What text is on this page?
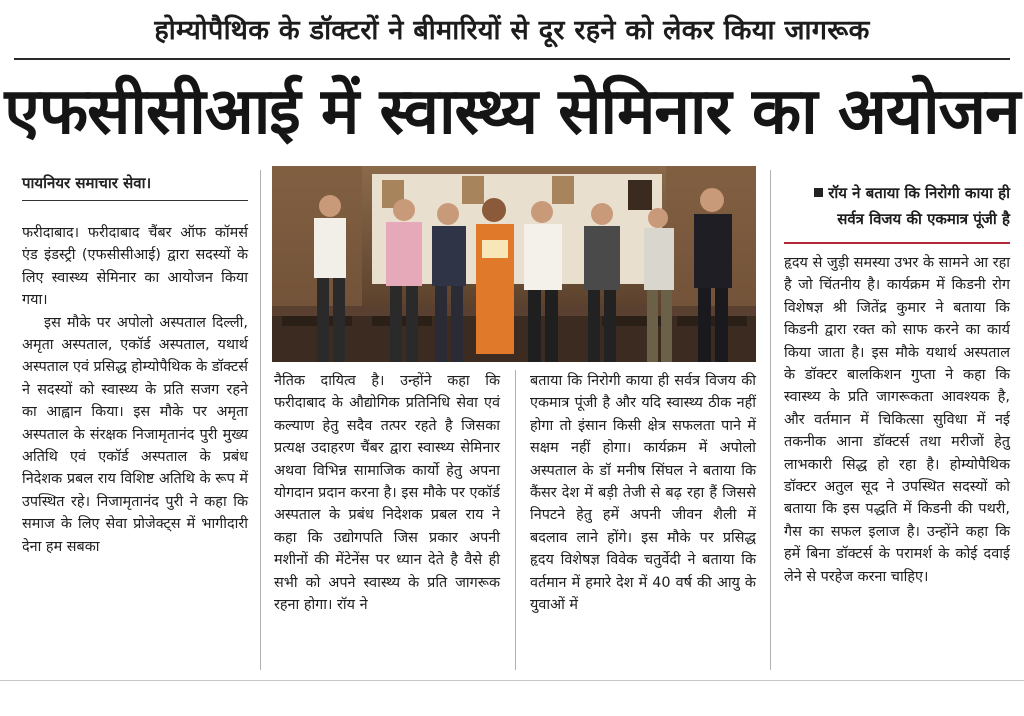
होम्योपैथिक के डॉक्टरों ने बीमारियों से दूर रहने को लेकर किया जागरूक
एफसीसीआई में स्वास्थ्य सेमिनार का अयोजन
पायनियर समाचार सेवा।

फरीदाबाद। फरीदाबाद चैंबर ऑफ कॉमर्स एंड इंडस्ट्री (एफसीसीआई) द्वारा सदस्यों के लिए स्वास्थ्य सेमिनार का आयोजन किया गया।

इस मौके पर अपोलो अस्पताल दिल्ली, अमृता अस्पताल, एकॉर्ड अस्पताल, यथार्थ अस्पताल एवं प्रसिद्ध होम्योपैथिक के डॉक्टर्स ने सदस्यों को स्वास्थ्य के प्रति सजग रहने का आह्वान किया। इस मौके पर अमृता अस्पताल के संरक्षक निजामृतानंद पुरी मुख्य अतिथि एवं एकॉर्ड अस्पताल के प्रबंध निदेशक प्रबल राय विशिष्ट अतिथि के रूप में उपस्थित रहे। निजामृतानंद पुरी ने कहा कि समाज के लिए सेवा प्रोजेक्ट्स में भागीदारी देना हम सबका

नैतिक दायित्व है। उन्होंने कहा कि फरीदाबाद के औद्योगिक प्रतिनिधि सेवा एवं कल्याण हेतु सदैव तत्पर रहते है जिसका प्रत्यक्ष उदाहरण चैंबर द्वारा स्वास्थ्य सेमिनार अथवा विभिन्न सामाजिक कार्यो हेतु अपना योगदान प्रदान करना है। इस मौके पर एकॉर्ड अस्पताल के प्रबंध निदेशक प्रबल राय ने कहा कि उद्योगपति जिस प्रकार अपनी मशीनों की मेंटेनेंस पर ध्यान देते है वैसे ही सभी को अपने स्वास्थ्य के प्रति जागरूक रहना होगा। रॉय ने

बताया कि निरोगी काया ही सर्वत्र विजय की एकमात्र पूंजी है और यदि स्वास्थ्य ठीक नहीं होगा तो इंसान किसी क्षेत्र सफलता पाने में सक्षम नहीं होगा। कार्यक्रम में अपोलो अस्पताल के डॉ मनीष सिंघल ने बताया कि कैंसर देश में बड़ी तेजी से बढ़ रहा हैं जिससे निपटने हेतु हमें अपनी जीवन शैली में बदलाव लाने होंगे। इस मौके पर प्रसिद्ध हृदय विशेषज्ञ विवेक चतुर्वेदी ने बताया कि वर्तमान में हमारे देश में 40 वर्ष की आयु के युवाओं में

रॉय ने बताया कि निरोगी काया ही
सर्वत्र विजय की एकमात्र पूंजी है

हृदय से जुड़ी समस्या उभर के सामने आ रहा है जो चिंतनीय है। कार्यक्रम में किडनी रोग विशेषज्ञ श्री जितेंद्र कुमार ने बताया कि किडनी द्वारा रक्त को साफ करने का कार्य किया जाता है। इस मौके यथार्थ अस्पताल के डॉक्टर बालकिशन गुप्ता ने कहा कि स्वास्थ्य के प्रति जागरूकता आवश्यक है, और वर्तमान में चिकित्सा सुविधा में नई तकनीक आना डॉक्टर्स तथा मरीजों हेतु लाभकारी सिद्ध हो रहा है। होम्योपैथिक डॉक्टर अतुल सूद ने उपस्थित सदस्यों को बताया कि इस पद्धति में किडनी की पथरी, गैस का सफल इलाज है। उन्होंने कहा कि हमें बिना डॉक्टर्स के परामर्श के कोई दवाई लेने से परहेज करना चाहिए।
